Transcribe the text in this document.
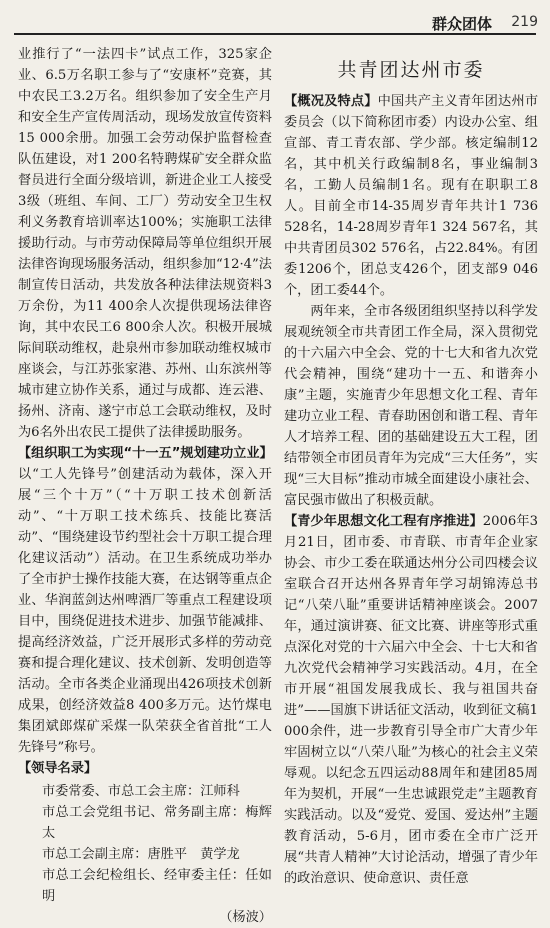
群众团体 219

业推行了“一法四卡”试点工作，325家企业、6.5万名职工参与了“安康杯”竞赛，其中农民工3.2万名。组织参加了安全生产月和安全生产宣传周活动，现场发放宣传资料15 000余册。加强工会劳动保护监督检查队伍建设，对1 200名特聘煤矿安全群众监督员进行全面分级培训，新进企业工人接受3级（班组、车间、工厂）劳动安全卫生权利义务教育培训率达100%；实施职工法律援助行动。与市劳动保障局等单位组织开展法律咨询现场服务活动，组织参加“12·4”法制宣传日活动，共发放各种法律法规资料3万余份，为11 400余人次提供现场法律咨询，其中农民工6 800余人次。积极开展城际间联动维权，赴泉州市参加联动维权城市座谈会，与江苏张家港、苏州、山东滨州等城市建立协作关系，通过与成都、连云港、扬州、济南、遂宁市总工会联动维权，及时为6名外出农民工提供了法律援助服务。

【组织职工为实现“十一五”规划建功立业】以“工人先锋号”创建活动为载体，深入开展“三个十万”（“十万职工技术创新活动”、“十万职工技术练兵、技能比赛活动”、“围绕建设节约型社会十万职工提合理化建议活动”）活动。在卫生系统成功举办了全市护士操作技能大赛，在达钢等重点企业、华润蓝剑达州啤酒厂等重点工程建设项目中，围绕促进技术进步、加强节能减排、提高经济效益，广泛开展形式多样的劳动竞赛和提合理化建议、技术创新、发明创造等活动。全市各类企业涌现出426项技术创新成果，创经济效益8 400多万元。达竹煤电集团斌郎煤矿采煤一队荣获全省首批“工人先锋号”称号。

【领导名录】

市委常委、市总工会主席：江师科

市总工会党组书记、常务副主席：梅辉太

市总工会副主席：唐胜平　黄学龙

市总工会纪检组长、经审委主任：任如明

（杨波）

共青团达州市委

【概况及特点】中国共产主义青年团达州市委员会（以下简称团市委）内设办公室、组宣部、青工青农部、学少部。核定编制12名，其中机关行政编制8名，事业编制3名，工勤人员编制1名。现有在职职工8人。目前全市14-35周岁青年共计1 736 528名，14-28周岁青年1 324 567名，其中共青团员302 576名，占22.84%。有团委1206个，团总支426个，团支部9 046个，团工委44个。

两年来，全市各级团组织坚持以科学发展观统领全市共青团工作全局，深入贯彻党的十六届六中全会、党的十七大和省九次党代会精神，围绕“建功十一五、和谐奔小康”主题，实施青少年思想文化工程、青年建功立业工程、青春助困创和谐工程、青年人才培养工程、团的基础建设五大工程，团结带领全市团员青年为完成“三大任务”，实现“三大目标”推动市城全面建设小康社会、富民强市做出了积极贡献。

【青少年思想文化工程有序推进】2006年3月21日，团市委、市青联、市青年企业家协会、市少工委在联通达州分公司四楼会议室联合召开达州各界青年学习胡锦涛总书记“八荣八耻”重要讲话精神座谈会。2007年，通过演讲赛、征文比赛、讲座等形式重点深化对党的十六届六中全会、十七大和省九次党代会精神学习实践活动。4月，在全市开展“祖国发展我成长、我与祖国共奋进”——国旗下讲话征文活动，收到征文稿1 000余件，进一步教育引导全市广大青少年牢固树立以“八荣八耻”为核心的社会主义荣辱观。以纪念五四运动88周年和建团85周年为契机，开展“一生忠诚跟党走”主题教育实践活动。以及“爱党、爱国、爱达州”主题教育活动，5-6月，团市委在全市广泛开展“共青人精神”大讨论活动，增强了青少年的政治意识、使命意识、责任意
